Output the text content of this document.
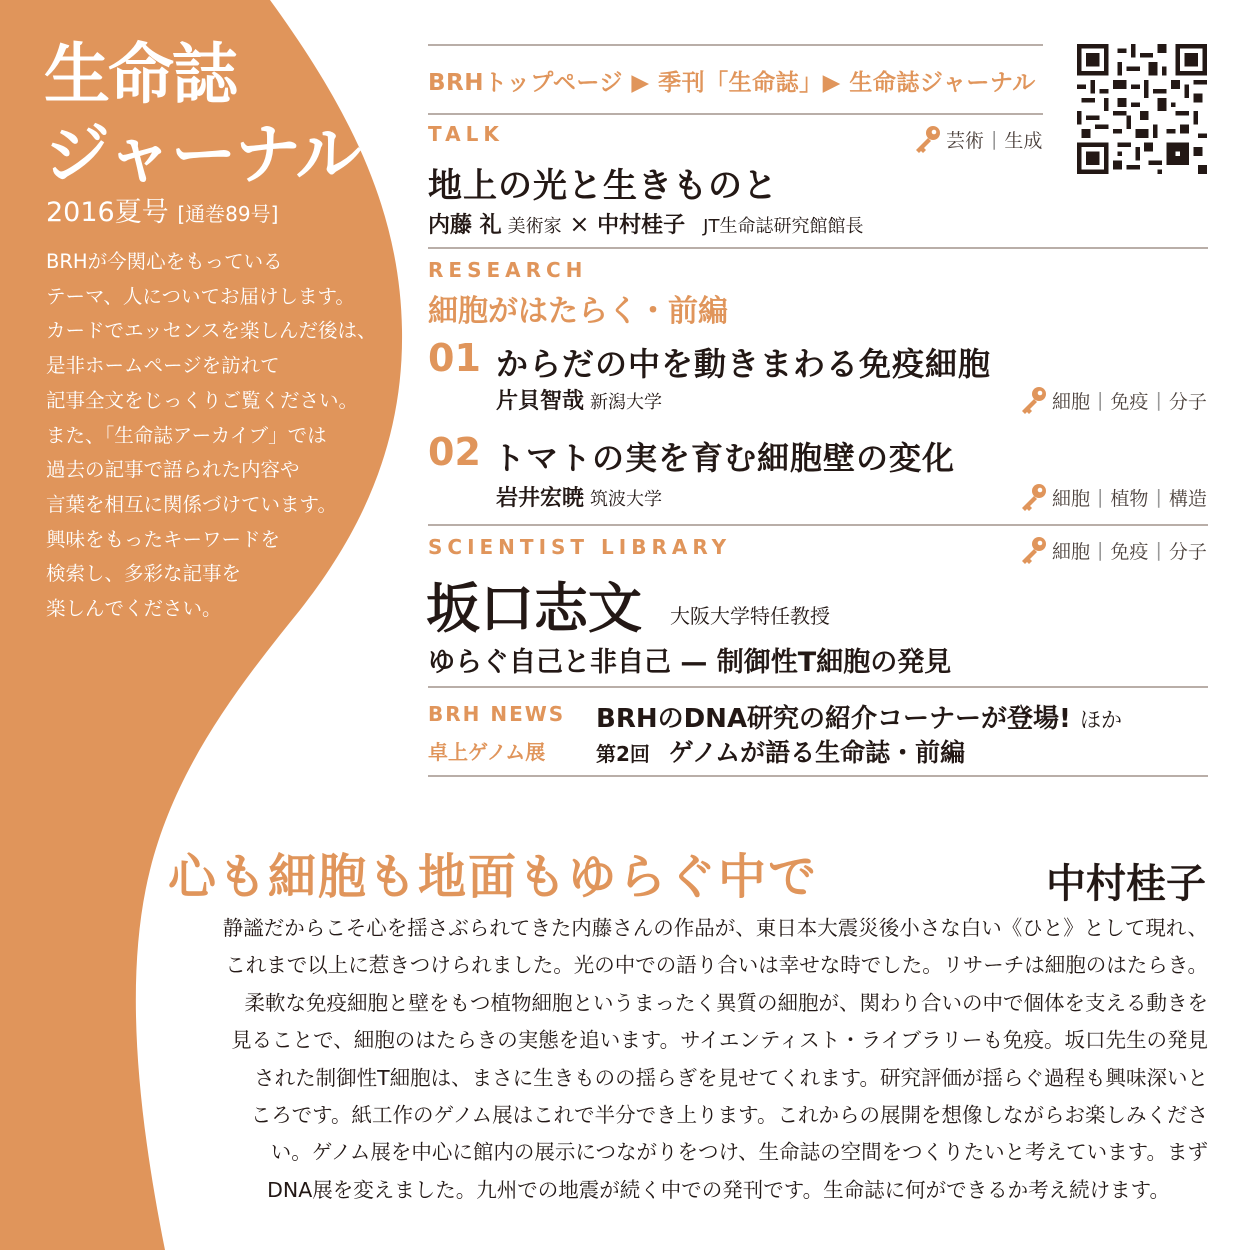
生命誌
ジャーナル
2016夏号 [通巻89号]
BRHが今関心をもっている
テーマ、人についてお届けします。
カードでエッセンスを楽しんだ後は、
是非ホームページを訪れて
記事全文をじっくりご覧ください。
また、「生命誌アーカイブ」では
過去の記事で語られた内容や
言葉を相互に関係づけています。
興味をもったキーワードを
検索し、多彩な記事を
楽しんでください。
BRHトップページ ▶ 季刊「生命誌」▶ 生命誌ジャーナル
TALK	芸術 | 生成
地上の光と生きものと
内藤 礼 美術家 × 中村桂子 JT生命誌研究館館長
RESEARCH
細胞がはたらく・前編
01 からだの中を動きまわる免疫細胞
片貝智哉 新潟大学	細胞 | 免疫 | 分子
02 トマトの実を育む細胞壁の変化
岩井宏暁 筑波大学	細胞 | 植物 | 構造
SCIENTIST LIBRARY	細胞 | 免疫 | 分子
坂口志文 大阪大学特任教授
ゆらぐ自己と非自己 — 制御性T細胞の発見
BRH NEWS BRHのDNA研究の紹介コーナーが登場! ほか
卓上ゲノム展	第2回 ゲノムが語る生命誌・前編
心も細胞も地面もゆらぐ中で	中村桂子
静謐だからこそ心を揺さぶられてきた内藤さんの作品が、東日本大震災後小さな白い《ひと》として現れ、
これまで以上に惹きつけられました。光の中での語り合いは幸せな時でした。リサーチは細胞のはたらき。
柔軟な免疫細胞と壁をもつ植物細胞というまったく異質の細胞が、関わり合いの中で個体を支える動きを
見ることで、細胞のはたらきの実態を追います。サイエンティスト・ライブラリーも免疫。坂口先生の発見
された制御性T細胞は、まさに生きものの揺らぎを見せてくれます。研究評価が揺らぐ過程も興味深いと
ころです。紙工作のゲノム展はこれで半分でき上ります。これからの展開を想像しながらお楽しみくださ
い。ゲノム展を中心に館内の展示につながりをつけ、生命誌の空間をつくりたいと考えています。まず
DNA展を変えました。九州での地震が続く中での発刊です。生命誌に何ができるか考え続けます。
